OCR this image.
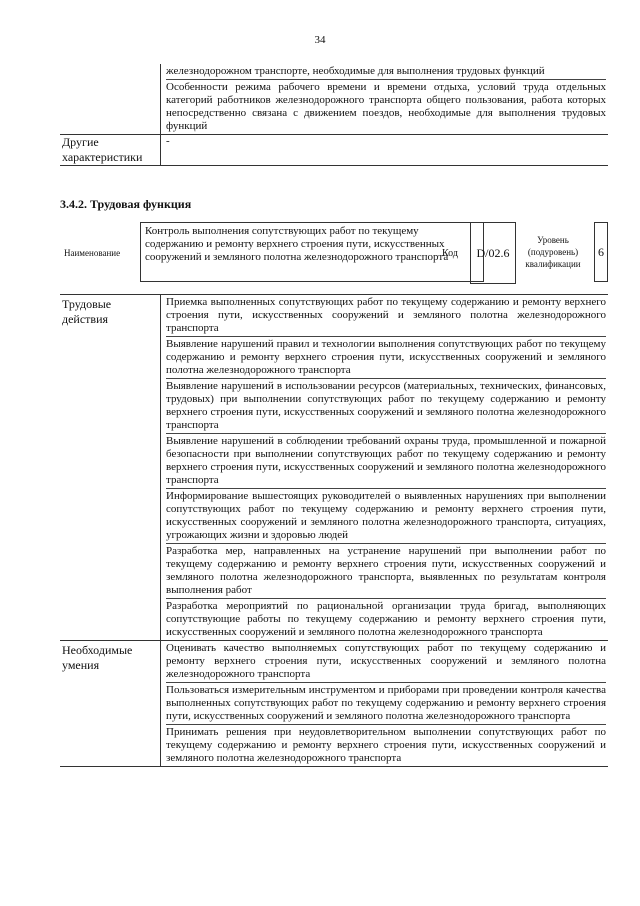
34
железнодорожном транспорте, необходимые для выполнения трудовых функций
Особенности режима рабочего времени и времени отдыха, условий труда отдельных категорий работников железнодорожного транспорта общего пользования, работа которых непосредственно связана с движением поездов, необходимые для выполнения трудовых функций
Другие характеристики
-
3.4.2. Трудовая функция
Наименование
Контроль выполнения сопутствующих работ по текущему содержанию и ремонту верхнего строения пути, искусственных сооружений и земляного полотна железнодорожного транспорта
Код	D/02.6
Уровень (подуровень) квалификации
6
Трудовые действия
Приемка выполненных сопутствующих работ по текущему содержанию и ремонту верхнего строения пути, искусственных сооружений и земляного полотна железнодорожного транспорта
Выявление нарушений правил и технологии выполнения сопутствующих работ по текущему содержанию и ремонту верхнего строения пути, искусственных сооружений и земляного полотна железнодорожного транспорта
Выявление нарушений в использовании ресурсов (материальных, технических, финансовых, трудовых) при выполнении сопутствующих работ по текущему содержанию и ремонту верхнего строения пути, искусственных сооружений и земляного полотна железнодорожного транспорта
Выявление нарушений в соблюдении требований охраны труда, промышленной и пожарной безопасности при выполнении сопутствующих работ по текущему содержанию и ремонту верхнего строения пути, искусственных сооружений и земляного полотна железнодорожного транспорта
Информирование вышестоящих руководителей о выявленных нарушениях при выполнении сопутствующих работ по текущему содержанию и ремонту верхнего строения пути, искусственных сооружений и земляного полотна железнодорожного транспорта, ситуациях, угрожающих жизни и здоровью людей
Разработка мер, направленных на устранение нарушений при выполнении работ по текущему содержанию и ремонту верхнего строения пути, искусственных сооружений и земляного полотна железнодорожного транспорта, выявленных по результатам контроля выполнения работ
Разработка мероприятий по рациональной организации труда бригад, выполняющих сопутствующие работы по текущему содержанию и ремонту верхнего строения пути, искусственных сооружений и земляного полотна железнодорожного транспорта
Необходимые умения
Оценивать качество выполняемых сопутствующих работ по текущему содержанию и ремонту верхнего строения пути, искусственных сооружений и земляного полотна железнодорожного транспорта
Пользоваться измерительным инструментом и приборами при проведении контроля качества выполненных сопутствующих работ по текущему содержанию и ремонту верхнего строения пути, искусственных сооружений и земляного полотна железнодорожного транспорта
Принимать решения при неудовлетворительном выполнении сопутствующих работ по текущему содержанию и ремонту верхнего строения пути, искусственных сооружений и земляного полотна железнодорожного транспорта
